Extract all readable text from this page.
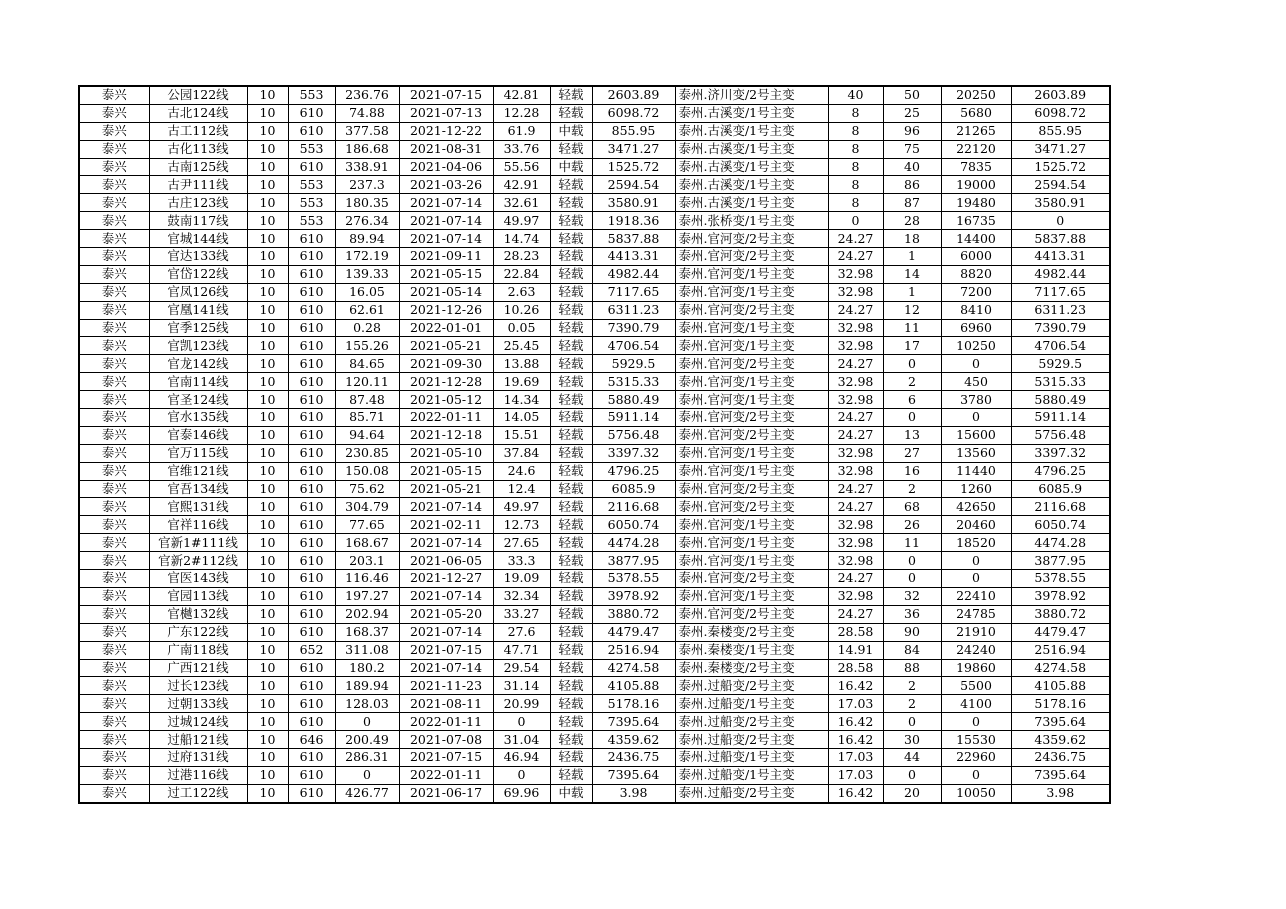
泰兴	公园122线	10	553	236.76	2021-07-15	42.81	轻载	2603.89	泰州.济川变/2号主变	40	50	20250	2603.89
泰兴	古北124线	10	610	74.88	2021-07-13	12.28	轻载	6098.72	泰州.古溪变/1号主变	8	25	5680	6098.72
泰兴	古工112线	10	610	377.58	2021-12-22	61.9	中载	855.95	泰州.古溪变/1号主变	8	96	21265	855.95
泰兴	古化113线	10	553	186.68	2021-08-31	33.76	轻载	3471.27	泰州.古溪变/1号主变	8	75	22120	3471.27
泰兴	古南125线	10	610	338.91	2021-04-06	55.56	中载	1525.72	泰州.古溪变/1号主变	8	40	7835	1525.72
泰兴	古尹111线	10	553	237.3	2021-03-26	42.91	轻载	2594.54	泰州.古溪变/1号主变	8	86	19000	2594.54
泰兴	古庄123线	10	553	180.35	2021-07-14	32.61	轻载	3580.91	泰州.古溪变/1号主变	8	87	19480	3580.91
泰兴	鼓南117线	10	553	276.34	2021-07-14	49.97	轻载	1918.36	泰州.张桥变/1号主变	0	28	16735	0
泰兴	官城144线	10	610	89.94	2021-07-14	14.74	轻载	5837.88	泰州.官河变/2号主变	24.27	18	14400	5837.88
泰兴	官达133线	10	610	172.19	2021-09-11	28.23	轻载	4413.31	泰州.官河变/2号主变	24.27	1	6000	4413.31
泰兴	官岱122线	10	610	139.33	2021-05-15	22.84	轻载	4982.44	泰州.官河变/1号主变	32.98	14	8820	4982.44
泰兴	官凤126线	10	610	16.05	2021-05-14	2.63	轻载	7117.65	泰州.官河变/1号主变	32.98	1	7200	7117.65
泰兴	官凰141线	10	610	62.61	2021-12-26	10.26	轻载	6311.23	泰州.官河变/2号主变	24.27	12	8410	6311.23
泰兴	官季125线	10	610	0.28	2022-01-01	0.05	轻载	7390.79	泰州.官河变/1号主变	32.98	11	6960	7390.79
泰兴	官凯123线	10	610	155.26	2021-05-21	25.45	轻载	4706.54	泰州.官河变/1号主变	32.98	17	10250	4706.54
泰兴	官龙142线	10	610	84.65	2021-09-30	13.88	轻载	5929.5	泰州.官河变/2号主变	24.27	0	0	5929.5
泰兴	官南114线	10	610	120.11	2021-12-28	19.69	轻载	5315.33	泰州.官河变/1号主变	32.98	2	450	5315.33
泰兴	官圣124线	10	610	87.48	2021-05-12	14.34	轻载	5880.49	泰州.官河变/1号主变	32.98	6	3780	5880.49
泰兴	官水135线	10	610	85.71	2022-01-11	14.05	轻载	5911.14	泰州.官河变/2号主变	24.27	0	0	5911.14
泰兴	官泰146线	10	610	94.64	2021-12-18	15.51	轻载	5756.48	泰州.官河变/2号主变	24.27	13	15600	5756.48
泰兴	官万115线	10	610	230.85	2021-05-10	37.84	轻载	3397.32	泰州.官河变/1号主变	32.98	27	13560	3397.32
泰兴	官维121线	10	610	150.08	2021-05-15	24.6	轻载	4796.25	泰州.官河变/1号主变	32.98	16	11440	4796.25
泰兴	官吾134线	10	610	75.62	2021-05-21	12.4	轻载	6085.9	泰州.官河变/2号主变	24.27	2	1260	6085.9
泰兴	官熙131线	10	610	304.79	2021-07-14	49.97	轻载	2116.68	泰州.官河变/2号主变	24.27	68	42650	2116.68
泰兴	官祥116线	10	610	77.65	2021-02-11	12.73	轻载	6050.74	泰州.官河变/1号主变	32.98	26	20460	6050.74
泰兴	官新1#111线	10	610	168.67	2021-07-14	27.65	轻载	4474.28	泰州.官河变/1号主变	32.98	11	18520	4474.28
泰兴	官新2#112线	10	610	203.1	2021-06-05	33.3	轻载	3877.95	泰州.官河变/1号主变	32.98	0	0	3877.95
泰兴	官医143线	10	610	116.46	2021-12-27	19.09	轻载	5378.55	泰州.官河变/2号主变	24.27	0	0	5378.55
泰兴	官园113线	10	610	197.27	2021-07-14	32.34	轻载	3978.92	泰州.官河变/1号主变	32.98	32	22410	3978.92
泰兴	官樾132线	10	610	202.94	2021-05-20	33.27	轻载	3880.72	泰州.官河变/2号主变	24.27	36	24785	3880.72
泰兴	广东122线	10	610	168.37	2021-07-14	27.6	轻载	4479.47	泰州.秦楼变/2号主变	28.58	90	21910	4479.47
泰兴	广南118线	10	652	311.08	2021-07-15	47.71	轻载	2516.94	泰州.秦楼变/1号主变	14.91	84	24240	2516.94
泰兴	广西121线	10	610	180.2	2021-07-14	29.54	轻载	4274.58	泰州.秦楼变/2号主变	28.58	88	19860	4274.58
泰兴	过长123线	10	610	189.94	2021-11-23	31.14	轻载	4105.88	泰州.过船变/2号主变	16.42	2	5500	4105.88
泰兴	过朝133线	10	610	128.03	2021-08-11	20.99	轻载	5178.16	泰州.过船变/1号主变	17.03	2	4100	5178.16
泰兴	过城124线	10	610	0	2022-01-11	0	轻载	7395.64	泰州.过船变/2号主变	16.42	0	0	7395.64
泰兴	过船121线	10	646	200.49	2021-07-08	31.04	轻载	4359.62	泰州.过船变/2号主变	16.42	30	15530	4359.62
泰兴	过府131线	10	610	286.31	2021-07-15	46.94	轻载	2436.75	泰州.过船变/1号主变	17.03	44	22960	2436.75
泰兴	过港116线	10	610	0	2022-01-11	0	轻载	7395.64	泰州.过船变/1号主变	17.03	0	0	7395.64
泰兴	过工122线	10	610	426.77	2021-06-17	69.96	中载	3.98	泰州.过船变/2号主变	16.42	20	10050	3.98
